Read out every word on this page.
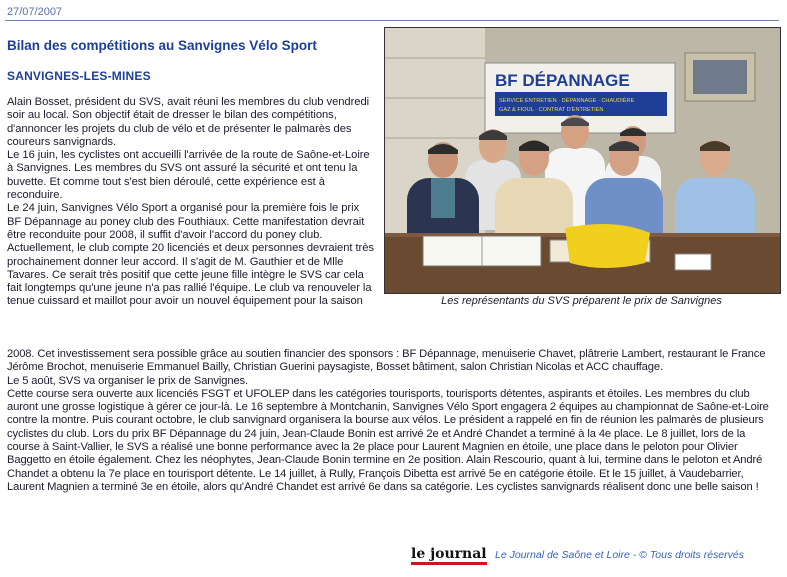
27/07/2007
Bilan des compétitions au Sanvignes Vélo Sport
SANVIGNES-LES-MINES

Alain Bosset, président du SVS, avait réuni les membres du club vendredi soir au local. Son objectif était de dresser le bilan des compétitions, d'annoncer les projets du club de vélo et de présenter le palmarès des coureurs sanvignards.

Le 16 juin, les cyclistes ont accueilli l'arrivée de la route de Saône-et-Loire à Sanvignes. Les membres du SVS ont assuré la sécurité et ont tenu la buvette. Et comme tout s'est bien déroulé, cette expérience est à reconduire.

Le 24 juin, Sanvignes Vélo Sport a organisé pour la première fois le prix BF Dépannage au poney club des Fouthiaux. Cette manifestation devrait être reconduite pour 2008, il suffit d'avoir l'accord du poney club.

Actuellement, le club compte 20 licenciés et deux personnes devraient très prochainement donner leur accord. Il s'agit de M. Gauthier et de Mlle Tavares. Ce serait très positif que cette jeune fille intègre le SVS car cela fait longtemps qu'une jeune n'a pas rallié l'équipe. Le club va renouveler la tenue cuissard et maillot pour avoir un nouvel équipement pour la saison

BF DÉPANNAGE
SERVICE ENTRETIEN · DÉPANNAGE · CHAUDIÈRE
GAZ & FIOUL · CONTRAT D'ENTRETIEN
Les représentants du SVS préparent le prix de Sanvignes

2008. Cet investissement sera possible grâce au soutien financier des sponsors : BF Dépannage, menuiserie Chavet, plâtrerie Lambert, restaurant le France Jérôme Brochot, menuiserie Emmanuel Bailly, Christian Guerini paysagiste, Bosset bâtiment, salon Christian Nicolas et ACC chauffage.

Le 5 août, SVS va organiser le prix de Sanvignes.

Cette course sera ouverte aux licenciés FSGT et UFOLEP dans les catégories tourisports, tourisports détentes, aspirants et étoiles. Les membres du club auront une grosse logistique à gérer ce jour-là. Le 16 septembre à Montchanin, Sanvignes Vélo Sport engagera 2 équipes au championnat de Saône-et-Loire contre la montre. Puis courant octobre, le club sanvignard organisera la bourse aux vélos. Le président a rappelé en fin de réunion les palmarès de plusieurs cyclistes du club. Lors du prix BF Dépannage du 24 juin, Jean-Claude Bonin est arrivé 2e et André Chandet a terminé à la 4e place. Le 8 juillet, lors de la course à Saint-Vallier, le SVS a réalisé une bonne performance avec la 2e place pour Laurent Magnien en étoile, une place dans le peloton pour Olivier Baggetto en étoile également. Chez les néophytes, Jean-Claude Bonin termine en 2e position. Alain Rescourio, quant à lui, termine dans le peloton et André Chandet a obtenu la 7e place en tourisport détente. Le 14 juillet, à Rully, François Dibetta est arrivé 5e en catégorie étoile. Et le 15 juillet, à Vaudebarrier, Laurent Magnien a terminé 3e en étoile, alors qu'André Chandet est arrivé 6e dans sa catégorie. Les cyclistes sanvignards réalisent donc une belle saison !

le journal Le Journal de Saône et Loire - © Tous droits réservés
